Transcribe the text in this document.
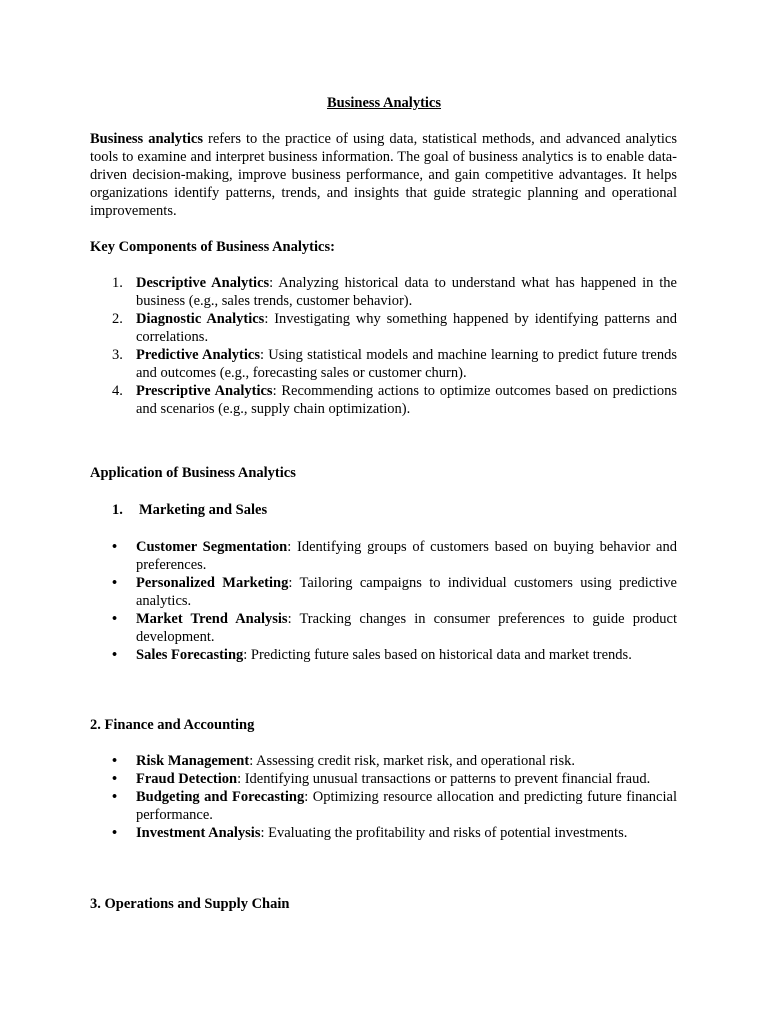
Business Analytics

Business analytics refers to the practice of using data, statistical methods, and advanced analytics tools to examine and interpret business information. The goal of business analytics is to enable data-driven decision-making, improve business performance, and gain competitive advantages. It helps organizations identify patterns, trends, and insights that guide strategic planning and operational improvements.

Key Components of Business Analytics:
1. Descriptive Analytics: Analyzing historical data to understand what has happened in the business (e.g., sales trends, customer behavior).
2. Diagnostic Analytics: Investigating why something happened by identifying patterns and correlations.
3. Predictive Analytics: Using statistical models and machine learning to predict future trends and outcomes (e.g., forecasting sales or customer churn).
4. Prescriptive Analytics: Recommending actions to optimize outcomes based on predictions and scenarios (e.g., supply chain optimization).
Application of Business Analytics
1. Marketing and Sales
• Customer Segmentation: Identifying groups of customers based on buying behavior and preferences.
• Personalized Marketing: Tailoring campaigns to individual customers using predictive analytics.
• Market Trend Analysis: Tracking changes in consumer preferences to guide product development.
• Sales Forecasting: Predicting future sales based on historical data and market trends.
2. Finance and Accounting
• Risk Management: Assessing credit risk, market risk, and operational risk.
• Fraud Detection: Identifying unusual transactions or patterns to prevent financial fraud.
• Budgeting and Forecasting: Optimizing resource allocation and predicting future financial performance.
• Investment Analysis: Evaluating the profitability and risks of potential investments.
3. Operations and Supply Chain
